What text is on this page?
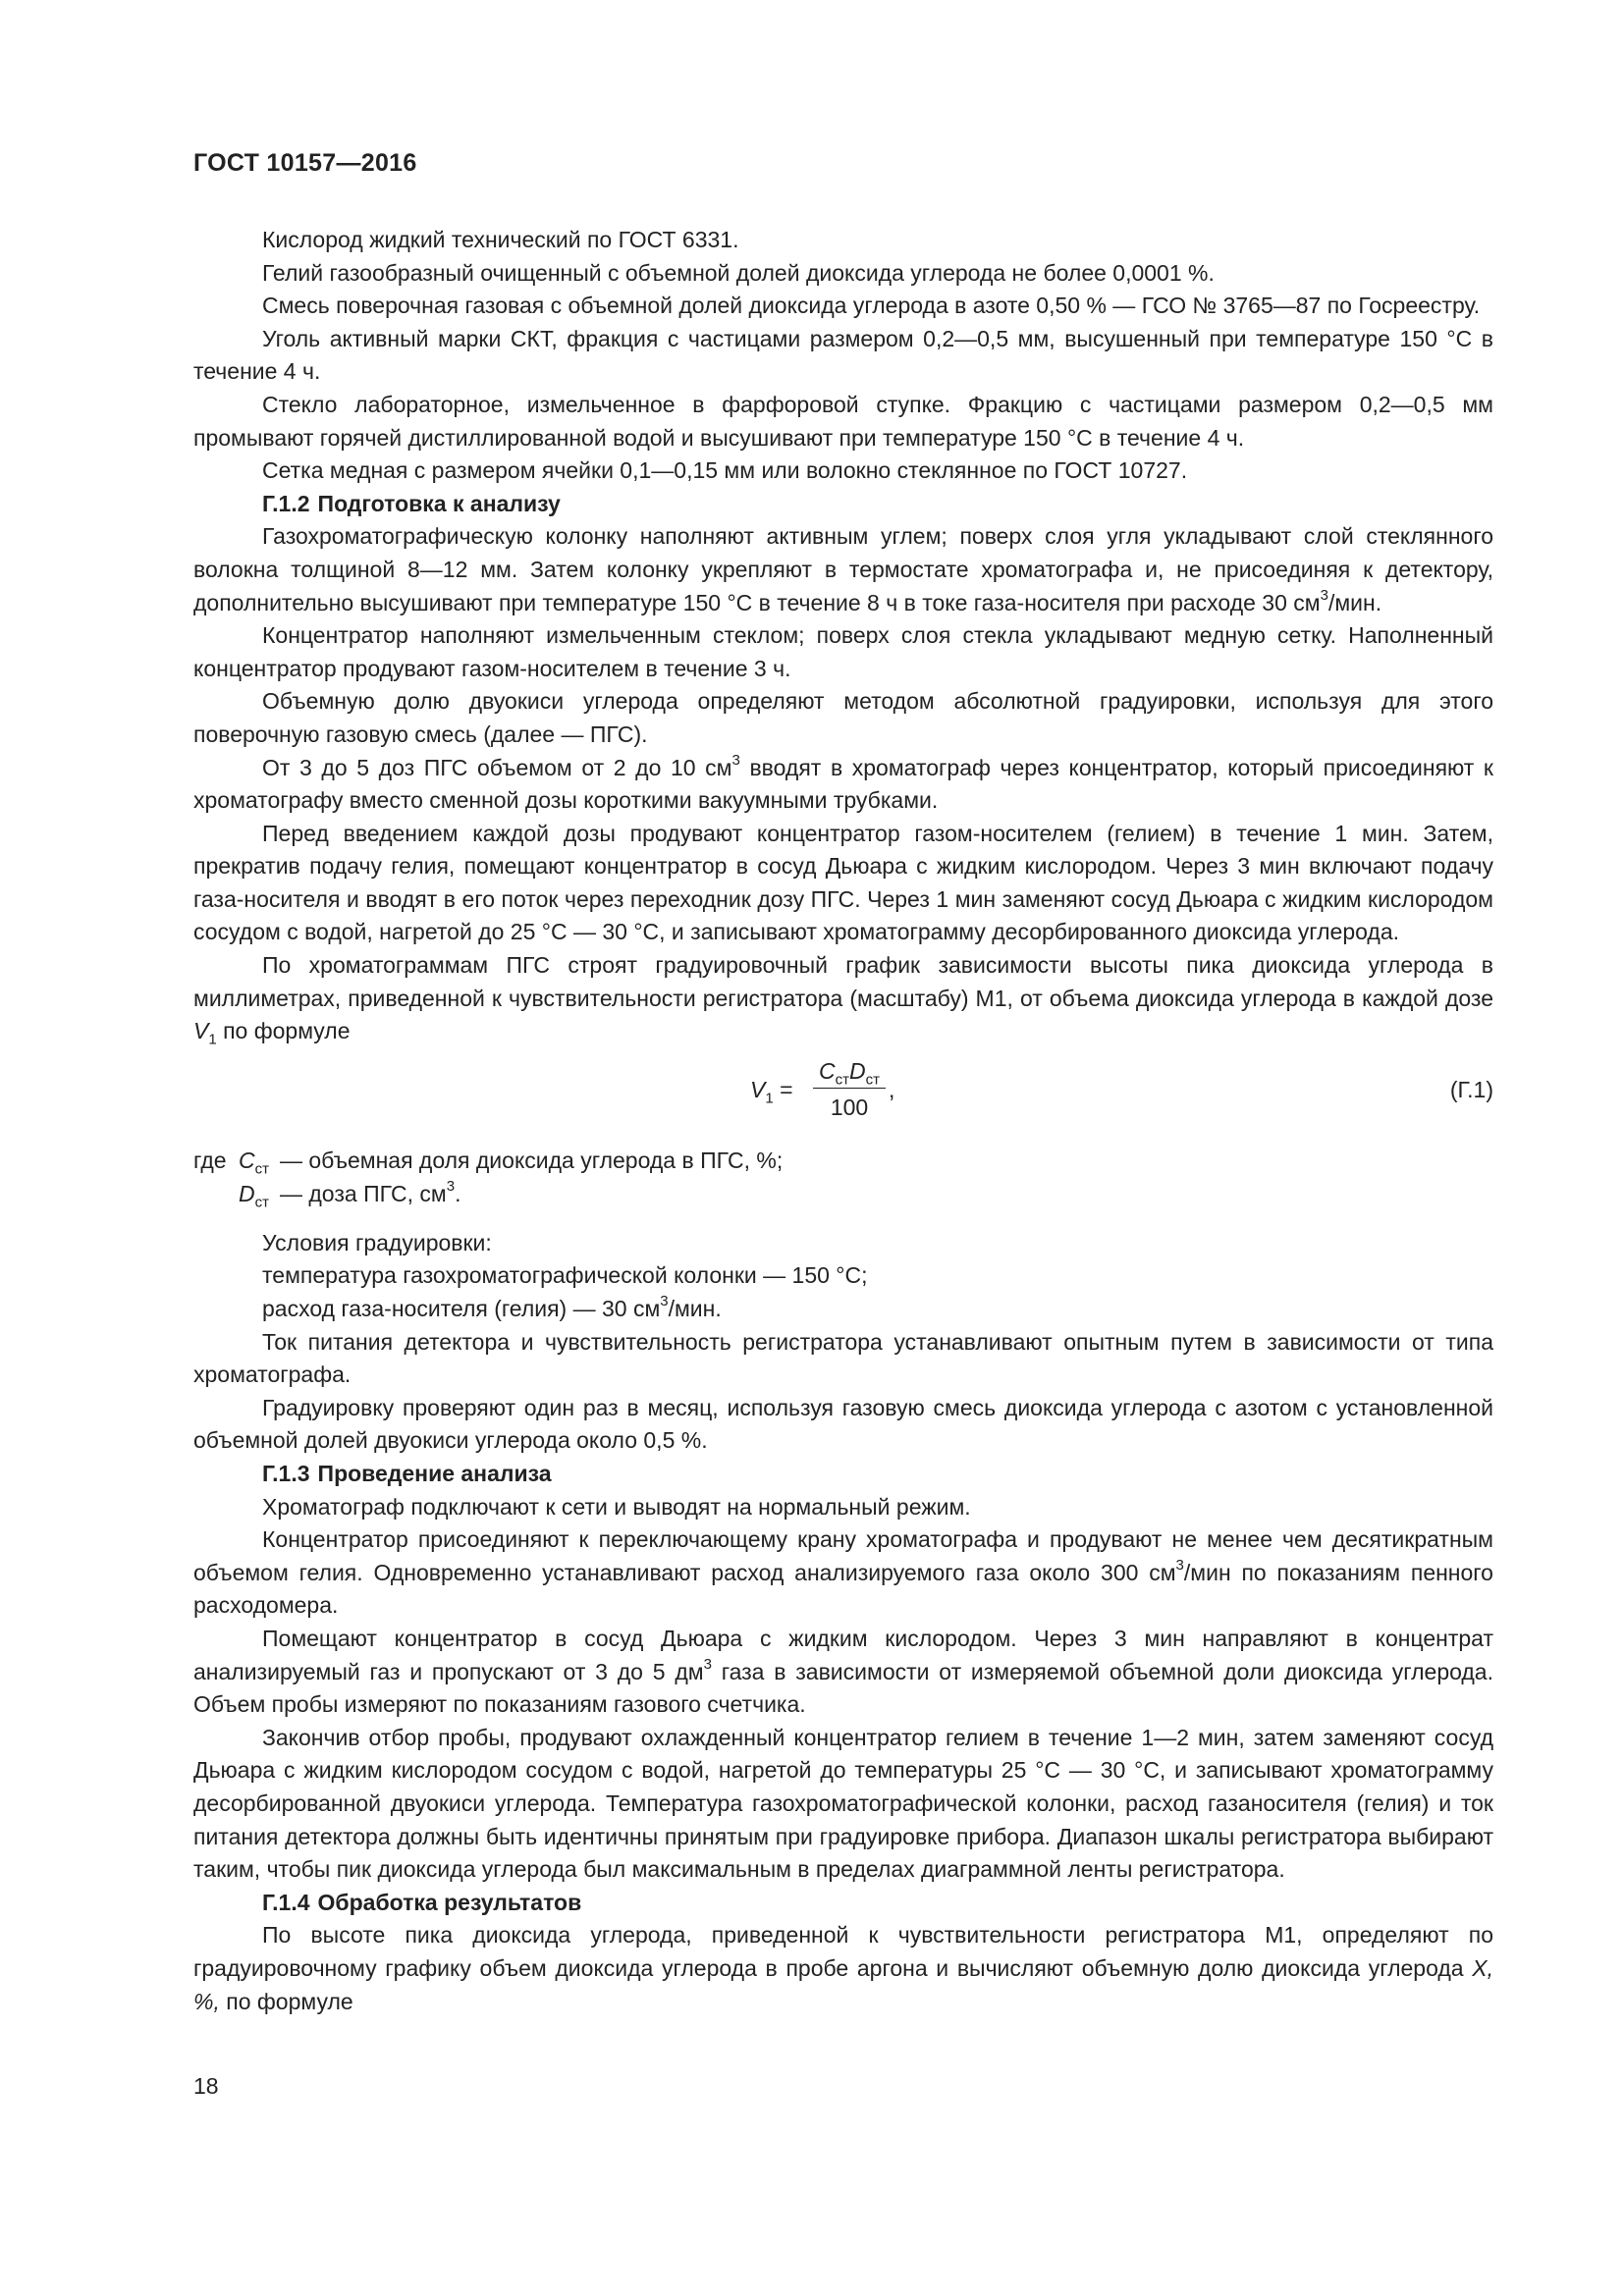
ГОСТ 10157—2016

Кислород жидкий технический по ГОСТ 6331.

Гелий газообразный очищенный с объемной долей диоксида углерода не более 0,0001 %.

Смесь поверочная газовая с объемной долей диоксида углерода в азоте 0,50 % — ГСО № 3765—87 по Госреестру.

Уголь активный марки СКТ, фракция с частицами размером 0,2—0,5 мм, высушенный при температуре 150 °С в течение 4 ч.

Стекло лабораторное, измельченное в фарфоровой ступке. Фракцию с частицами размером 0,2—0,5 мм промывают горячей дистиллированной водой и высушивают при температуре 150 °С в течение 4 ч.

Сетка медная с размером ячейки 0,1—0,15 мм или волокно стеклянное по ГОСТ 10727.

Г.1.2 Подготовка к анализу

Газохроматографическую колонку наполняют активным углем; поверх слоя угля укладывают слой стеклянного волокна толщиной 8—12 мм. Затем колонку укрепляют в термостате хроматографа и, не присоединяя к детектору, дополнительно высушивают при температуре 150 °С в течение 8 ч в токе газа-носителя при расходе 30 $см^3$/мин.

Концентратор наполняют измельченным стеклом; поверх слоя стекла укладывают медную сетку. Наполненный концентратор продувают газом-носителем в течение 3 ч.

Объемную долю двуокиси углерода определяют методом абсолютной градуировки, используя для этого поверочную газовую смесь (далее — ПГС).

От 3 до 5 доз ПГС объемом от 2 до 10 $см^3$ вводят в хроматограф через концентратор, который присоединяют к хроматографу вместо сменной дозы короткими вакуумными трубками.

Перед введением каждой дозы продувают концентратор газом-носителем (гелием) в течение 1 мин. Затем, прекратив подачу гелия, помещают концентратор в сосуд Дьюара с жидким кислородом. Через 3 мин включают подачу газа-носителя и вводят в его поток через переходник дозу ПГС. Через 1 мин заменяют сосуд Дьюара с жидким кислородом сосудом с водой, нагретой до 25 °С — 30 °С, и записывают хроматограмму десорбированного диоксида углерода.

По хроматограммам ПГС строят градуировочный график зависимости высоты пика диоксида углерода в миллиметрах, приведенной к чувствительности регистратора (масштабу) М1, от объема диоксида углерода в каждой дозе $V_1$ по формуле

$V_1$ =
$C_{ст}D_{ст}$
100
,	(Г.1)
где $C_{ст}$ — объемная доля диоксида углерода в ПГС, %;
$D_{ст}$ — доза ПГС, $см^3$.

Условия градуировки:

температура газохроматографической колонки — 150 °С;

расход газа-носителя (гелия) — 30 $см^3$/мин.

Ток питания детектора и чувствительность регистратора устанавливают опытным путем в зависимости от типа хроматографа.

Градуировку проверяют один раз в месяц, используя газовую смесь диоксида углерода с азотом с установленной объемной долей двуокиси углерода около 0,5 %.

Г.1.3 Проведение анализа

Хроматограф подключают к сети и выводят на нормальный режим.

Концентратор присоединяют к переключающему крану хроматографа и продувают не менее чем десятикратным объемом гелия. Одновременно устанавливают расход анализируемого газа около 300 $см^3$/мин по показаниям пенного расходомера.

Помещают концентратор в сосуд Дьюара с жидким кислородом. Через 3 мин направляют в концентрат анализируемый газ и пропускают от 3 до 5 $дм^3$ газа в зависимости от измеряемой объемной доли диоксида углерода. Объем пробы измеряют по показаниям газового счетчика.

Закончив отбор пробы, продувают охлажденный концентратор гелием в течение 1—2 мин, затем заменяют сосуд Дьюара с жидким кислородом сосудом с водой, нагретой до температуры 25 °С — 30 °С, и записывают хроматограмму десорбированной двуокиси углерода. Температура газохроматографической колонки, расход газаносителя (гелия) и ток питания детектора должны быть идентичны принятым при градуировке прибора. Диапазон шкалы регистратора выбирают таким, чтобы пик диоксида углерода был максимальным в пределах диаграммной ленты регистратора.

Г.1.4 Обработка результатов

По высоте пика диоксида углерода, приведенной к чувствительности регистратора М1, определяют по градуировочному графику объем диоксида углерода в пробе аргона и вычисляют объемную долю диоксида углерода X, %, по формуле

18
